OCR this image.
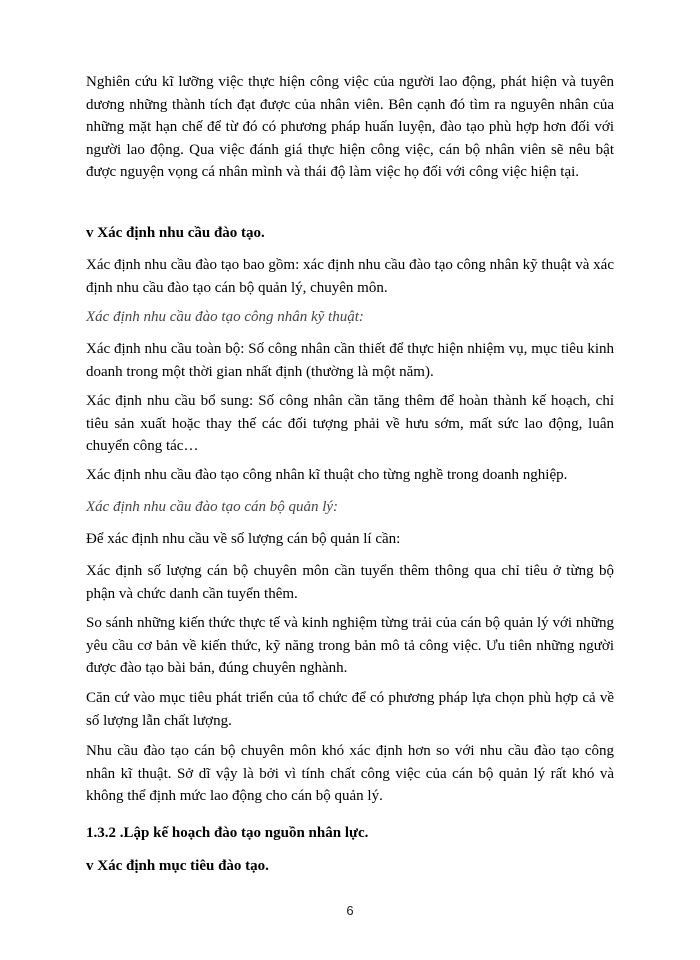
Nghiên cứu kĩ lưỡng việc thực hiện công việc của người lao động, phát hiện và tuyên dương những thành tích đạt được của nhân viên. Bên cạnh đó tìm ra nguyên nhân của những mặt hạn chế để từ đó có phương pháp huấn luyện, đào tạo phù hợp hơn đối với người lao động. Qua việc đánh giá thực hiện công việc, cán bộ nhân viên sẽ nêu bật được nguyện vọng cá nhân mình và thái độ làm việc họ đối với công việc hiện tại.
v Xác định nhu cầu đào tạo.
Xác định nhu cầu đào tạo bao gồm: xác định nhu cầu đào tạo công nhân kỹ thuật và xác định nhu cầu đào tạo cán bộ quản lý, chuyên môn.
Xác định nhu cầu đào tạo công nhân kỹ thuật:
Xác định nhu cầu toàn bộ: Số công nhân cần thiết để thực hiện nhiệm vụ, mục tiêu kinh doanh trong một thời gian nhất định (thường là một năm).
Xác định nhu cầu bổ sung: Số công nhân cần tăng thêm để hoàn thành kế hoạch, chỉ tiêu sản xuất hoặc thay thế các đối tượng phải về hưu sớm, mất sức lao động, luân chuyển công tác…
Xác định nhu cầu đào tạo công nhân kĩ thuật cho từng nghề trong doanh nghiệp.
Xác định nhu cầu đào tạo cán bộ quản lý:
Để xác định nhu cầu về số lượng cán bộ quản lí cần:
Xác định số lượng cán bộ chuyên môn cần tuyển thêm thông qua chỉ tiêu ở từng bộ phận và chức danh cần tuyển thêm.
So sánh những kiến thức thực tế và kinh nghiệm từng trải của cán bộ quản lý với những yêu cầu cơ bản về kiến thức, kỹ năng trong bản mô tả công việc. Ưu tiên những người được đào tạo bài bản, đúng chuyên nghành.
Căn cứ vào mục tiêu phát triển của tổ chức để có phương pháp lựa chọn phù hợp cả về số lượng lẫn chất lượng.
Nhu cầu đào tạo cán bộ chuyên môn khó xác định hơn so với nhu cầu đào tạo công nhân kĩ thuật. Sở dĩ vậy là bởi vì tính chất công việc của cán bộ quản lý rất khó và không thể định mức lao động cho cán bộ quản lý.
1.3.2 .Lập kế hoạch đào tạo nguồn nhân lực.
v Xác định mục tiêu đào tạo.
6
